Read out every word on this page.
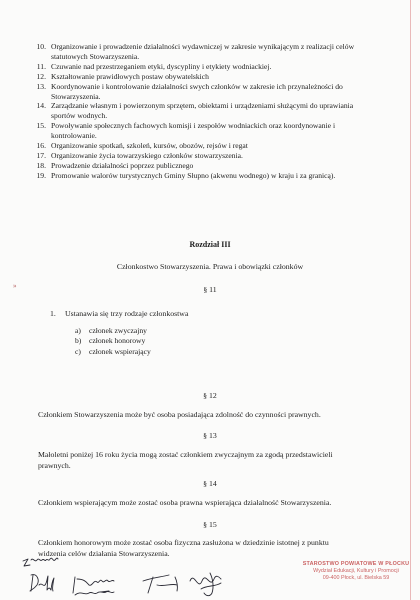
»
10. Organizowanie i prowadzenie działalności wydawniczej w zakresie wynikającym z realizacji celów statutowych Stowarzyszenia.
11. Czuwanie nad przestrzeganiem etyki, dyscypliny i etykiety wodniackiej.
12. Kształtowanie prawidłowych postaw obywatelskich
13. Koordynowanie i kontrolowanie działalności swych członków w zakresie ich przynależności do Stowarzyszenia.
14. Zarządzanie własnym i powierzonym sprzętem, obiektami i urządzeniami służącymi do uprawiania sportów wodnych.
15. Powoływanie społecznych fachowych komisji i zespołów wodniackich oraz koordynowanie i kontrolowanie.
16. Organizowanie spotkań, szkoleń, kursów, obozów, rejsów i regat
17. Organizowanie życia towarzyskiego członków stowarzyszenia.
18. Prowadzenie działalności poprzez publicznego
19. Promowanie walorów turystycznych Gminy Słupno (akwenu wodnego) w kraju i za granicą).
Rozdział III
Członkostwo Stowarzyszenia. Prawa i obowiązki członków
§ 11
1.	Ustanawia się trzy rodzaje członkostwa
a)	członek zwyczajny
b)	członek honorowy
c)	członek wspierający
§ 12
Członkiem Stowarzyszenia może być osoba posiadająca zdolność do czynności prawnych.
§ 13
Małoletni poniżej 16 roku życia mogą zostać członkiem zwyczajnym za zgodą przedstawicieli prawnych.
§ 14
Członkiem wspierającym może zostać osoba prawna wspierająca działalność Stowarzyszenia.
§ 15
Członkiem honorowym może zostać osoba fizyczna zasłużona w dziedzinie istotnej z punktu widzenia celów działania Stowarzyszenia.
STAROSTWO POWIATOWE W PŁOCKU
Wydział Edukacji, Kultury i Promocji
09-400 Płock, ul. Bielska 59
